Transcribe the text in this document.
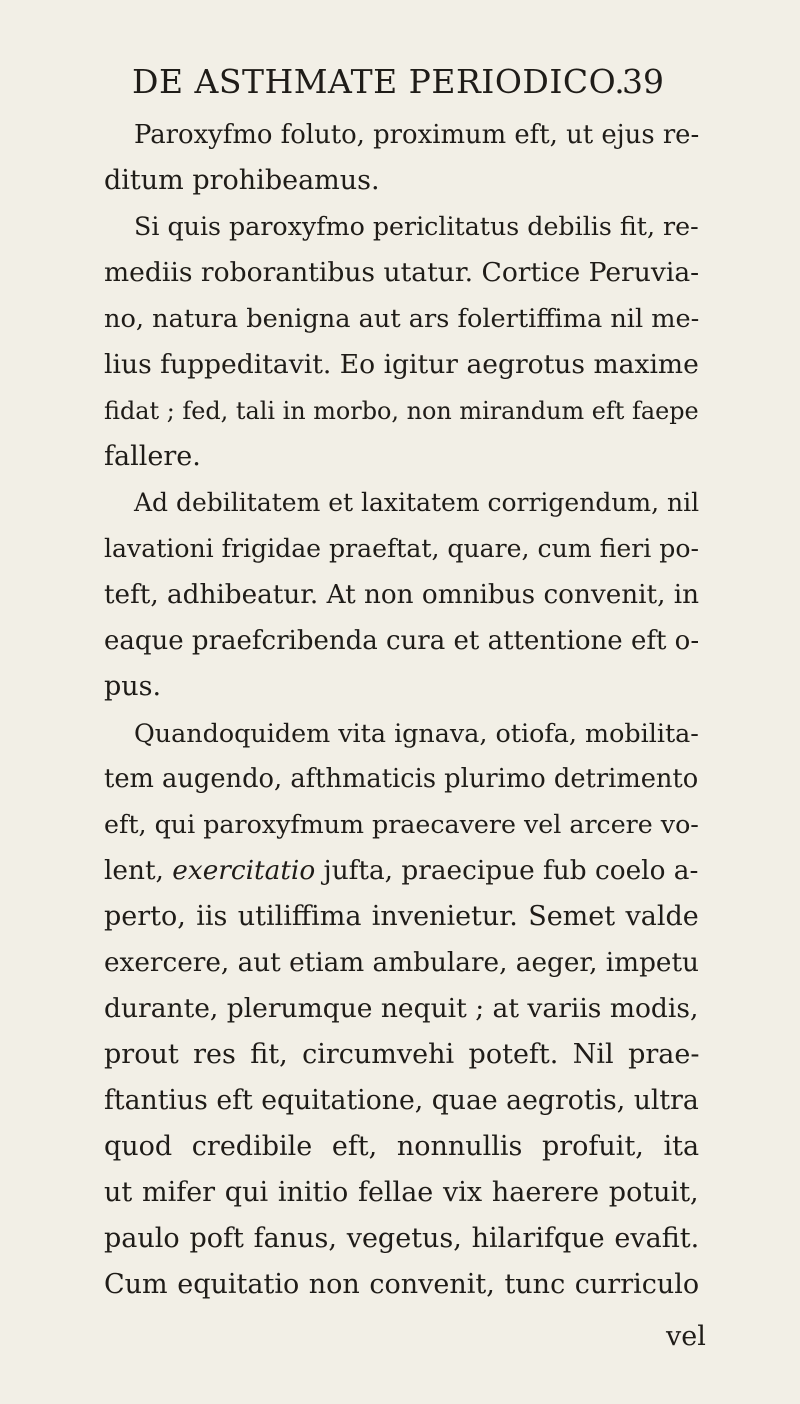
DE ASTHMATE PERIODICO.
39
Paroxyfmo foluto, proximum eft, ut ejus re-
ditum prohibeamus.
Si quis paroxyfmo periclitatus debilis fit, re-
mediis roborantibus utatur. Cortice Peruvia-
no, natura benigna aut ars folertiffima nil me-
lius fuppeditavit. Eo igitur aegrotus maxime
fidat ; fed, tali in morbo, non mirandum eft faepe
fallere.
Ad debilitatem et laxitatem corrigendum, nil
lavationi frigidae praeftat, quare, cum fieri po-
teft, adhibeatur. At non omnibus convenit, in
eaque praefcribenda cura et attentione eft o-
pus.
Quandoquidem vita ignava, otiofa, mobilita-
tem augendo, afthmaticis plurimo detrimento
eft, qui paroxyfmum praecavere vel arcere vo-
lent, exercitatio jufta, praecipue fub coelo a-
perto, iis utiliffima invenietur. Semet valde
exercere, aut etiam ambulare, aeger, impetu
durante, plerumque nequit ; at variis modis,
prout res fit, circumvehi poteft. Nil prae-
ftantius eft equitatione, quae aegrotis, ultra
quod credibile eft, nonnullis profuit, ita
ut mifer qui initio fellae vix haerere potuit,
paulo poft fanus, vegetus, hilarifque evafit.
Cum equitatio non convenit, tunc curriculo
vel
